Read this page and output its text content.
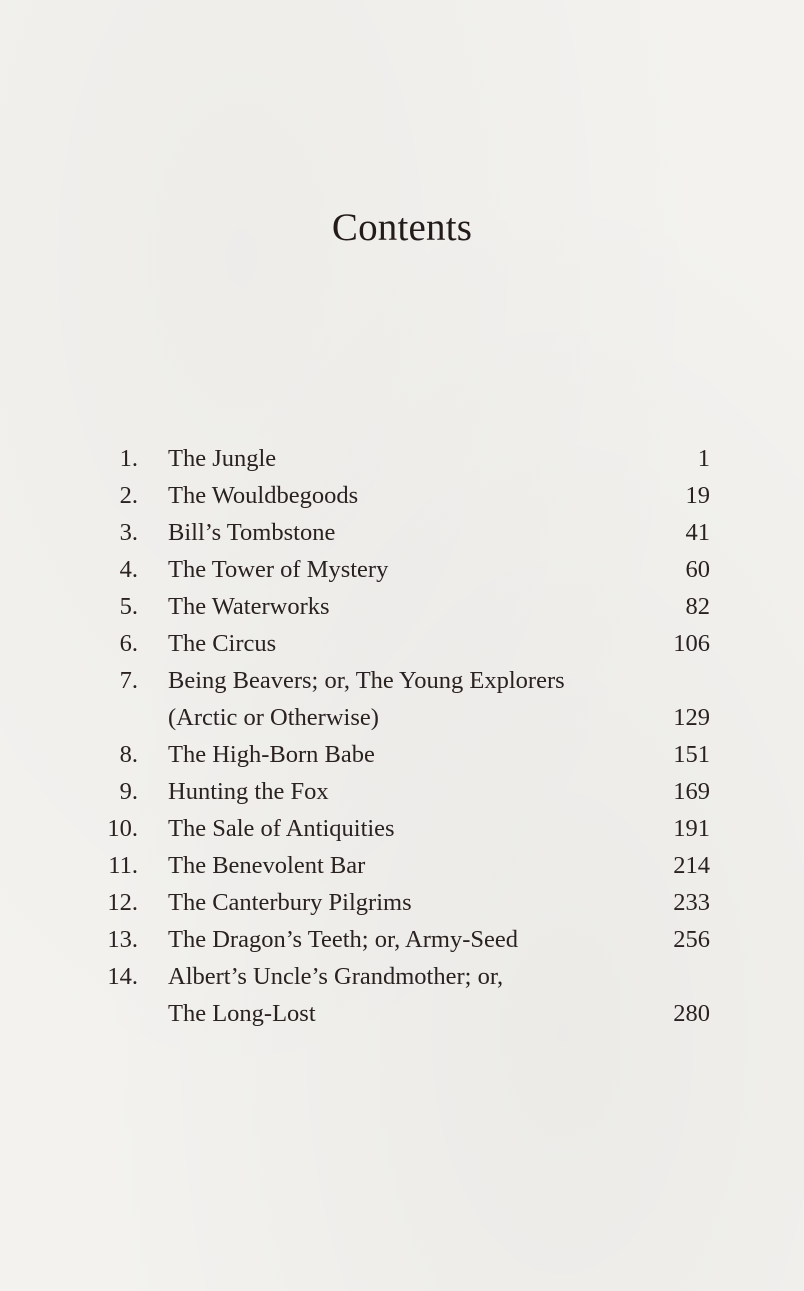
Contents
1. The Jungle	1
2. The Wouldbegoods	19
3. Bill’s Tombstone	41
4. The Tower of Mystery	60
5. The Waterworks	82
6. The Circus	106
7. Being Beavers; or, The Young Explorers
(Arctic or Otherwise)	129
8. The High-Born Babe	151
9. Hunting the Fox	169
10. The Sale of Antiquities	191
11. The Benevolent Bar	214
12. The Canterbury Pilgrims	233
13. The Dragon’s Teeth; or, Army-Seed	256
14. Albert’s Uncle’s Grandmother; or,
The Long-Lost	280
